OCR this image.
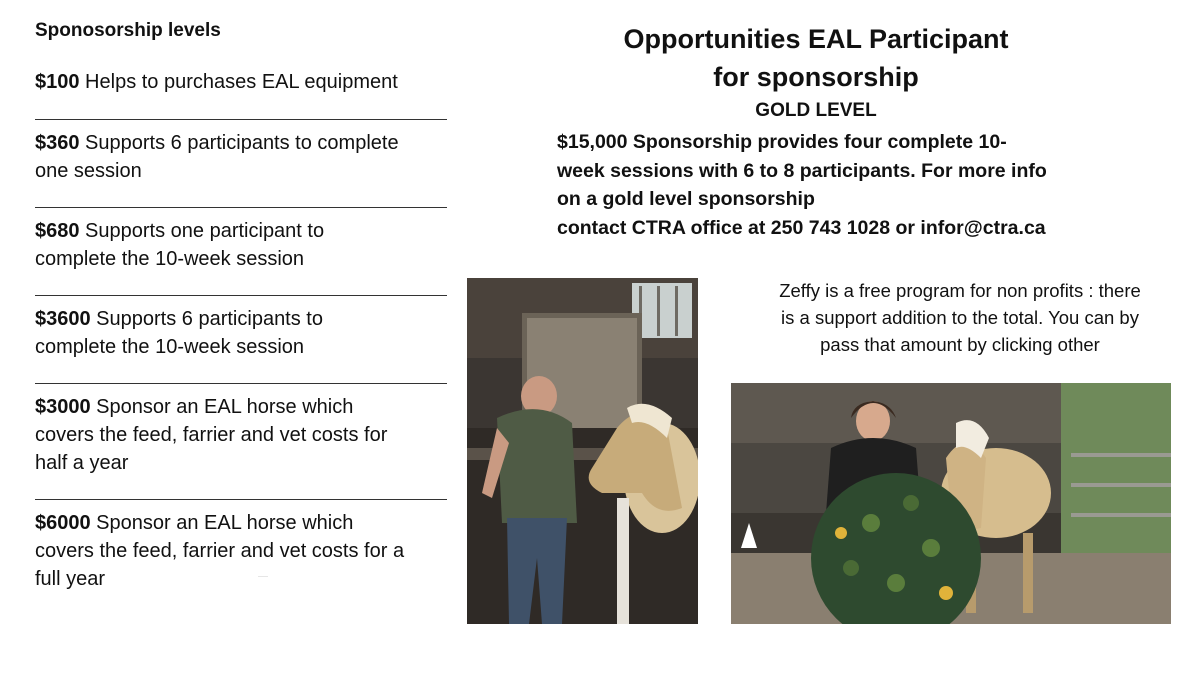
Sponosorship levels
$100 Helps to purchases EAL equipment
$360 Supports 6 participants to complete
one session
$680 Supports one participant to
complete the 10-week session
$3600 Supports 6 participants to
complete the 10-week session
$3000 Sponsor an EAL horse which
covers the feed, farrier and vet costs for
half a year
$6000 Sponsor an EAL horse which
covers the feed, farrier and vet costs for a
full year	·····
Opportunities EAL Participant
for sponsorship
GOLD LEVEL
$15,000 Sponsorship provides four complete 10-
week sessions with 6 to 8 participants. For more info
on a gold level sponsorship
contact CTRA office at 250 743 1028 or infor@ctra.ca
Zeffy is a free program for non profits : there
is a support addition to the total. You can by
pass that amount by clicking other
